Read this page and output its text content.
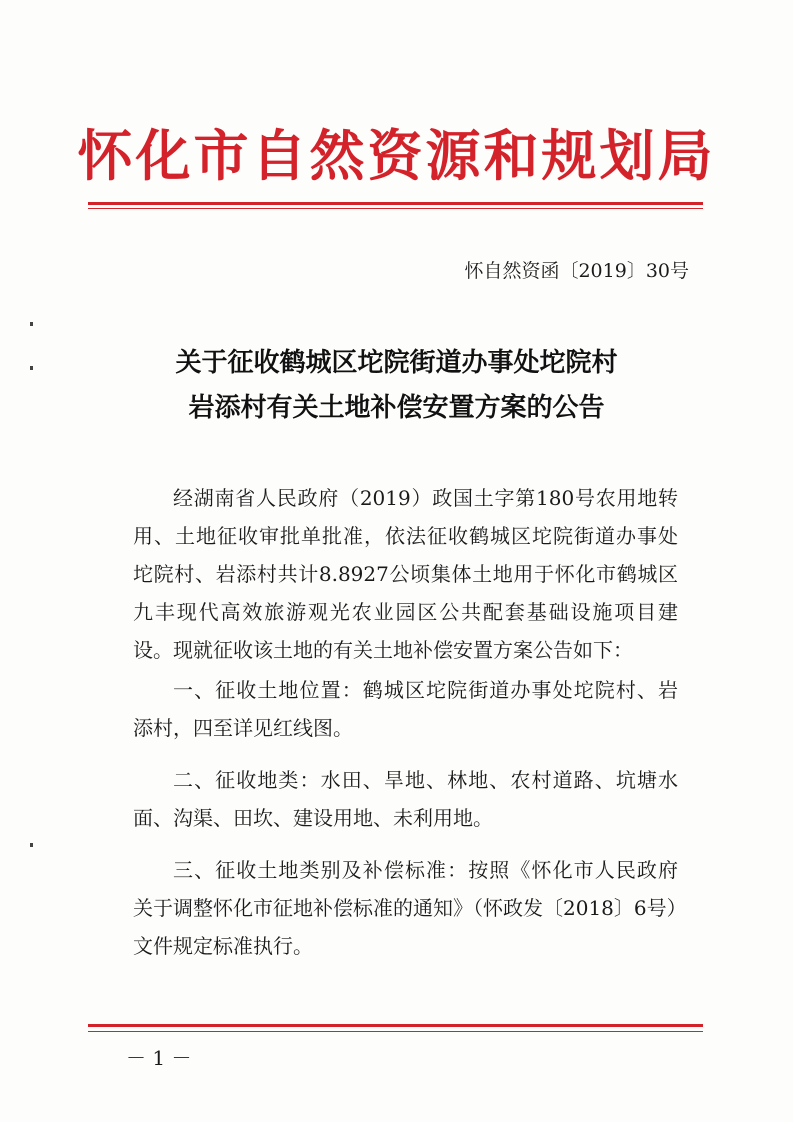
怀化市自然资源和规划局
怀自然资函〔2019〕30号
关于征收鹤城区坨院街道办事处坨院村
岩添村有关土地补偿安置方案的公告
经湖南省人民政府（2019）政国土字第180号农用地转
用、土地征收审批单批准，依法征收鹤城区坨院街道办事处
坨院村、岩添村共计8.8927公顷集体土地用于怀化市鹤城区
九丰现代高效旅游观光农业园区公共配套基础设施项目建
设。现就征收该土地的有关土地补偿安置方案公告如下：
一、征收土地位置：鹤城区坨院街道办事处坨院村、岩
添村，四至详见红线图。
二、征收地类：水田、旱地、林地、农村道路、坑塘水
面、沟渠、田坎、建设用地、未利用地。
三、征收土地类别及补偿标准：按照《怀化市人民政府
关于调整怀化市征地补偿标准的通知》（怀政发〔2018〕6号）
文件规定标准执行。
－ 1 －
